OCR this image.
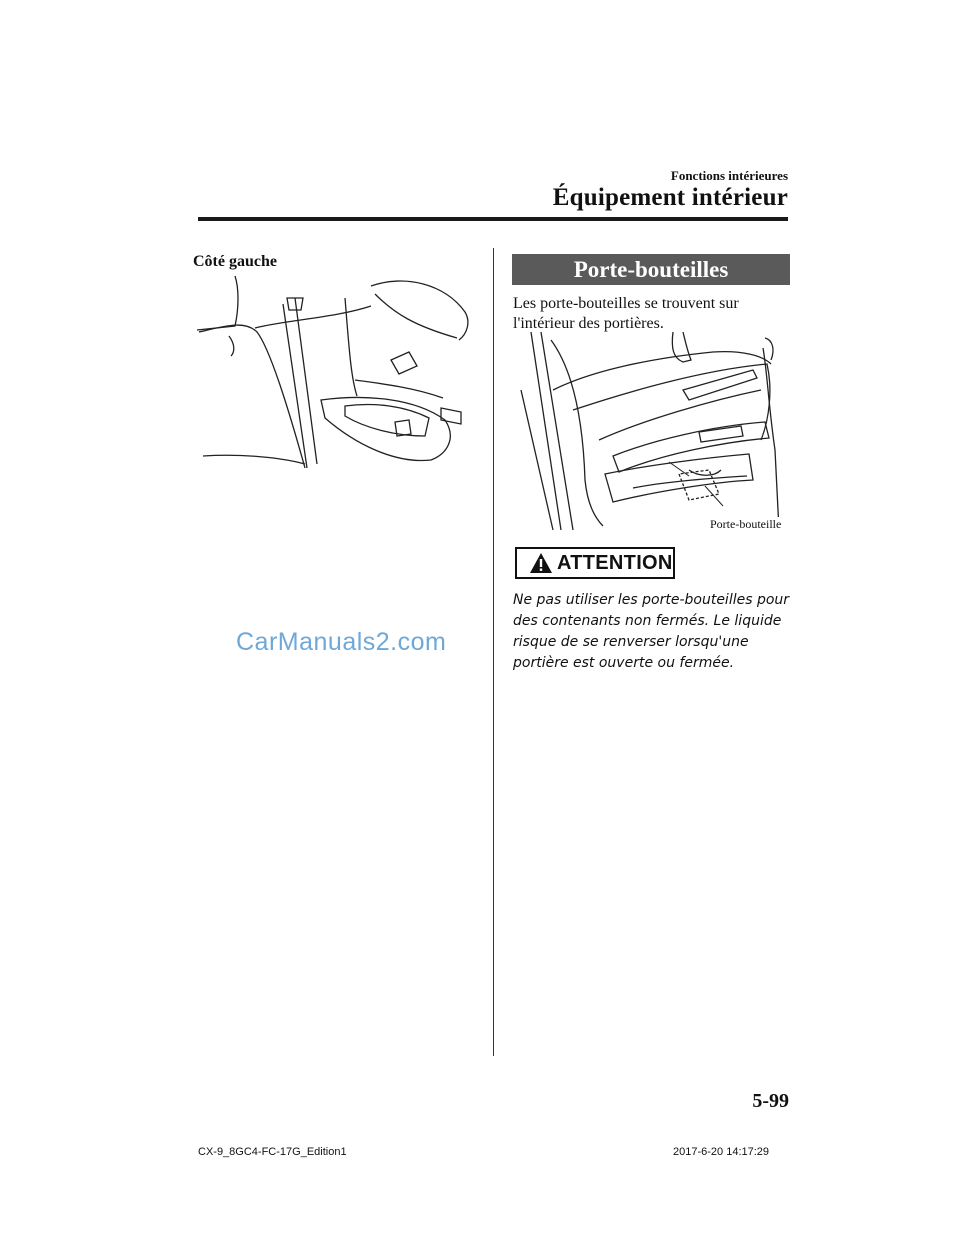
Fonctions intérieures
Équipement intérieur
Côté gauche	Porte-bouteilles
Les porte-bouteilles se trouvent sur l'intérieur des portières.
Porte-bouteille
ATTENTION
Ne pas utiliser les porte-bouteilles pour des contenants non fermés. Le liquide risque de se renverser lorsqu'une portière est ouverte ou fermée.
CarManuals2.com
5-99
CX-9_8GC4-FC-17G_Edition1	2017-6-20 14:17:29
